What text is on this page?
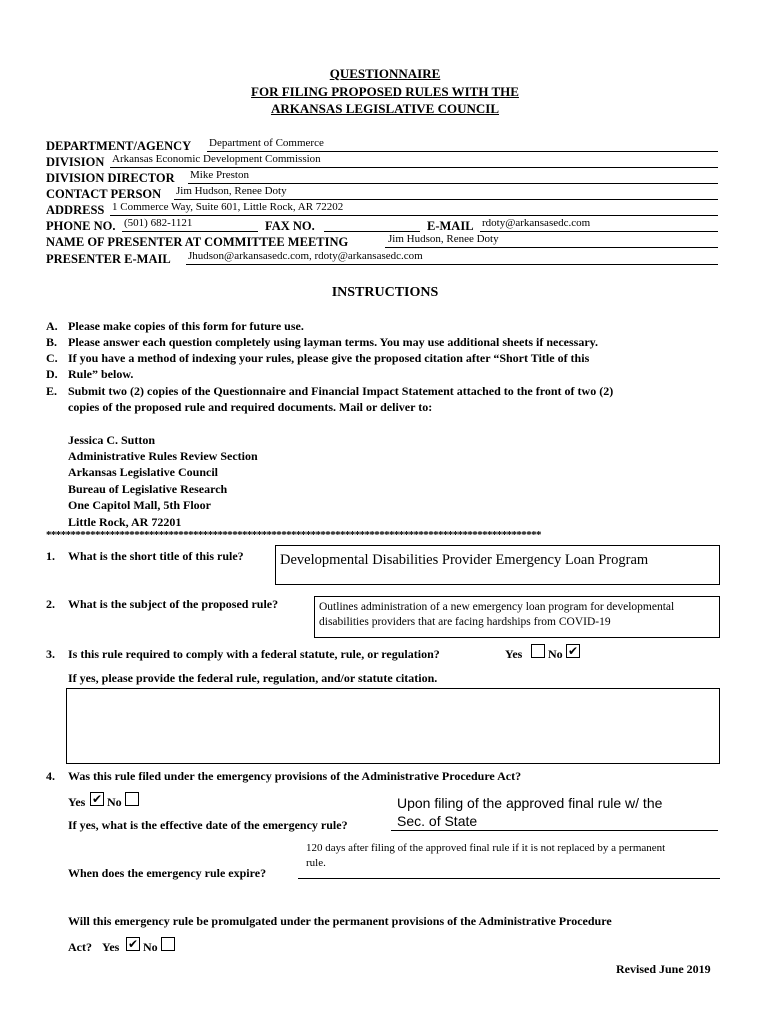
QUESTIONNAIRE
FOR FILING PROPOSED RULES WITH THE
ARKANSAS LEGISLATIVE COUNCIL
DEPARTMENT/AGENCY Department of Commerce
DIVISION Arkansas Economic Development Commission
DIVISION DIRECTOR Mike Preston
CONTACT PERSON Jim Hudson, Renee Doty
ADDRESS 1 Commerce Way, Suite 601, Little Rock, AR 72202
PHONE NO. (501) 682-1121	FAX NO.	E-MAIL rdoty@arkansasedc.com
NAME OF PRESENTER AT COMMITTEE MEETING	Jim Hudson, Renee Doty
PRESENTER E-MAIL Jhudson@arkansasedc.com, rdoty@arkansasedc.com
INSTRUCTIONS
A. Please make copies of this form for future use.
B. Please answer each question completely using layman terms. You may use additional sheets if necessary.
C. If you have a method of indexing your rules, please give the proposed citation after “Short Title of this
D. Rule” below.
E. Submit two (2) copies of the Questionnaire and Financial Impact Statement attached to the front of two (2)
copies of the proposed rule and required documents. Mail or deliver to:
Jessica C. Sutton
Administrative Rules Review Section
Arkansas Legislative Council
Bureau of Legislative Research
One Capitol Mall, 5th Floor
Little Rock, AR 72201
*****************************************************************************************************
1. What is the short title of this rule?	Developmental Disabilities Provider Emergency Loan Program
2. What is the subject of the proposed rule?	Outlines administration of a new emergency loan program for developmental
disabilities providers that are facing hardships from COVID-19
3. Is this rule required to comply with a federal statute, rule, or regulation?	Yes No ✔
If yes, please provide the federal rule, regulation, and/or statute citation.
4. Was this rule filed under the emergency provisions of the Administrative Procedure Act?
Yes ✔ No	Upon filing of the approved final rule w/ the
If yes, what is the effective date of the emergency rule?	Sec. of State
120 days after filing of the approved final rule if it is not replaced by a permanent
rule.
When does the emergency rule expire?
Will this emergency rule be promulgated under the permanent provisions of the Administrative Procedure
Act? Yes ✔ No
Revised June 2019
